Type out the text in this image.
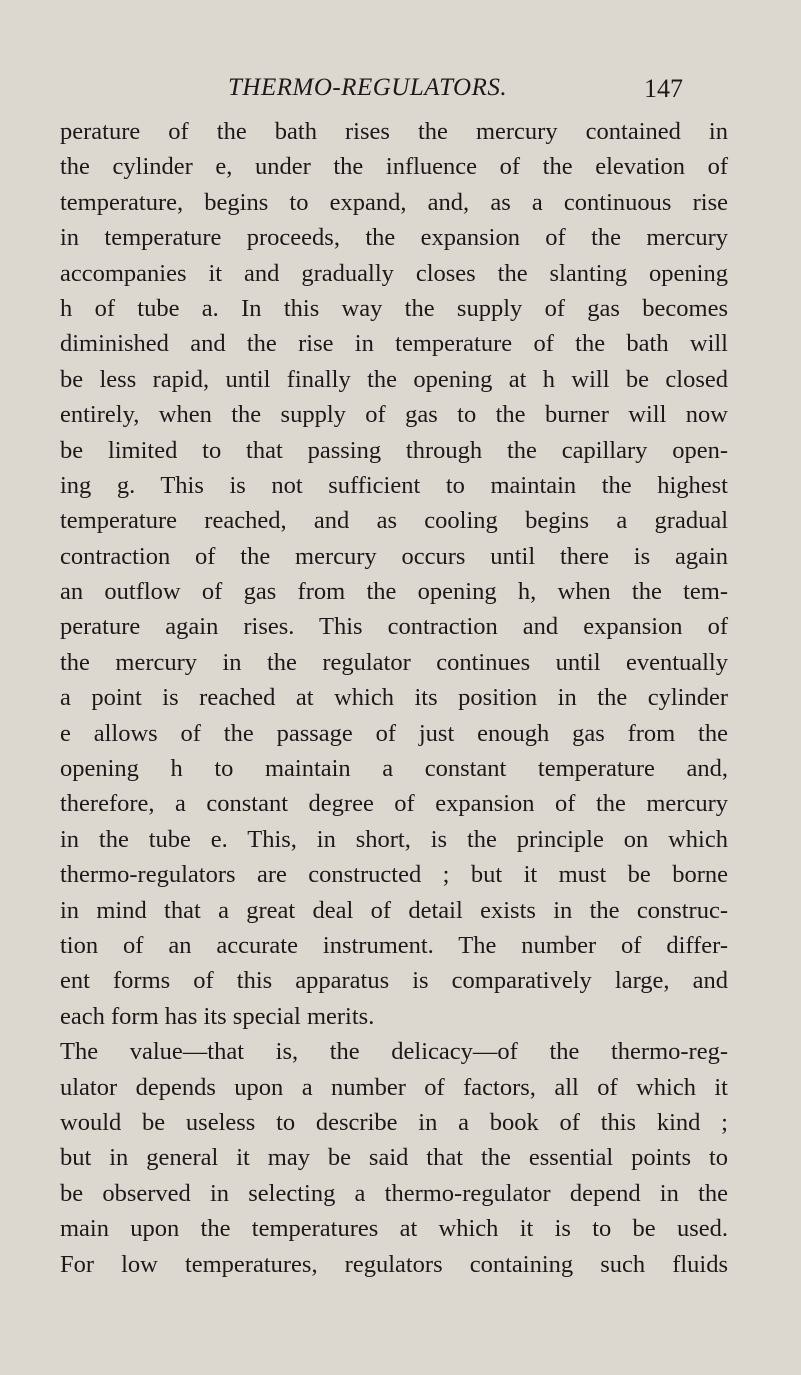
THERMO-REGULATORS.	147
perature of the bath rises the mercury contained in
the cylinder e, under the influence of the elevation of
temperature, begins to expand, and, as a continuous rise
in temperature proceeds, the expansion of the mercury
accompanies it and gradually closes the slanting opening
h of tube a. In this way the supply of gas becomes
diminished and the rise in temperature of the bath will
be less rapid, until finally the opening at h will be closed
entirely, when the supply of gas to the burner will now
be limited to that passing through the capillary open-
ing g. This is not sufficient to maintain the highest
temperature reached, and as cooling begins a gradual
contraction of the mercury occurs until there is again
an outflow of gas from the opening h, when the tem-
perature again rises. This contraction and expansion of
the mercury in the regulator continues until eventually
a point is reached at which its position in the cylinder
e allows of the passage of just enough gas from the
opening h to maintain a constant temperature and,
therefore, a constant degree of expansion of the mercury
in the tube e. This, in short, is the principle on which
thermo-regulators are constructed ; but it must be borne
in mind that a great deal of detail exists in the construc-
tion of an accurate instrument. The number of differ-
ent forms of this apparatus is comparatively large, and
each form has its special merits.
The value—that is, the delicacy—of the thermo-reg-
ulator depends upon a number of factors, all of which it
would be useless to describe in a book of this kind ;
but in general it may be said that the essential points to
be observed in selecting a thermo-regulator depend in the
main upon the temperatures at which it is to be used.
For low temperatures, regulators containing such fluids
